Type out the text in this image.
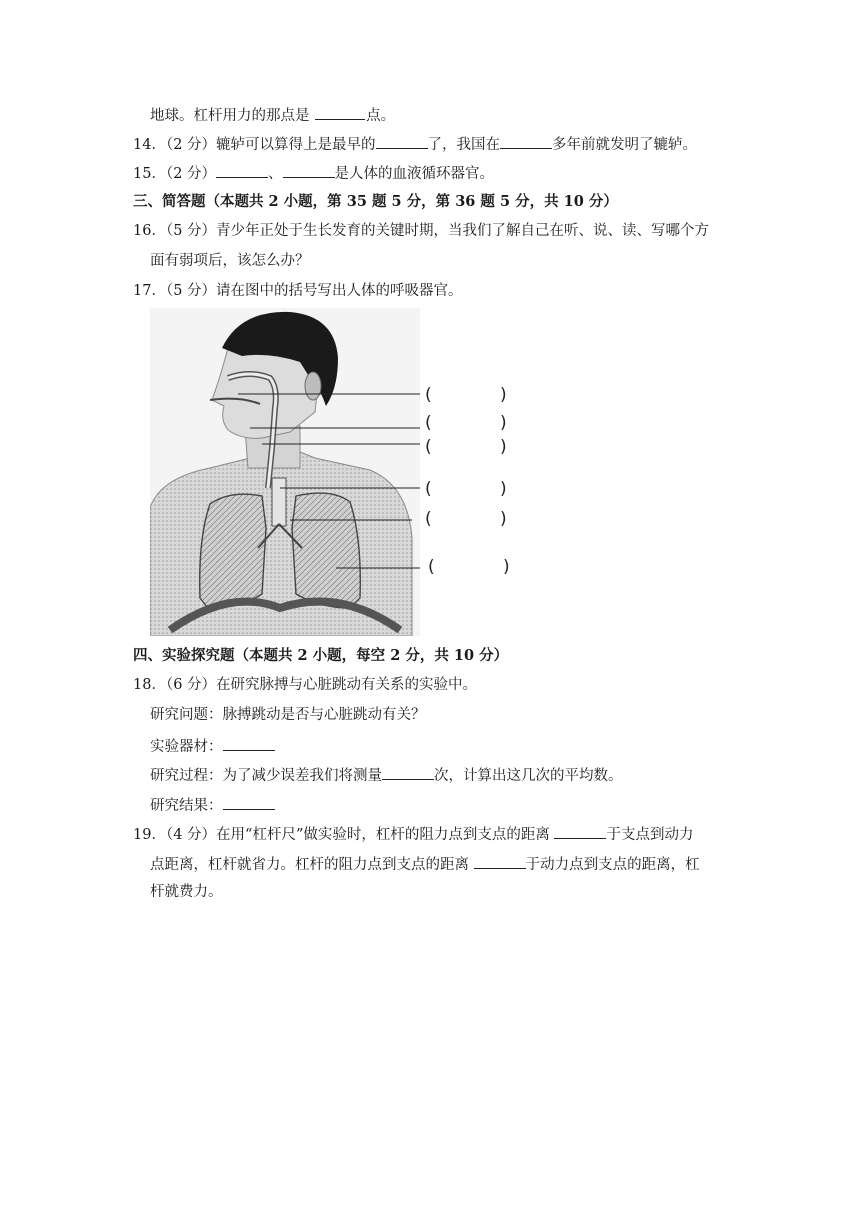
地球。杠杆用力的那点是	点。
14．（2 分）辘轳可以算得上是最早的	了，我国在	多年前就发明了辘轳。
15．（2 分）	、	是人体的血液循环器官。
三、简答题（本题共 2 小题，第 35 题 5 分，第 36 题 5 分，共 10 分）
16．（5 分）青少年正处于生长发育的关键时期，当我们了解自己在听、说、读、写哪个方
面有弱项后，该怎么办？
17．（5 分）请在图中的括号写出人体的呼吸器官。
(	)
(	)
(	)
(	)
(	)
(	)
四、实验探究题（本题共 2 小题，每空 2 分，共 10 分）
18．（6 分）在研究脉搏与心脏跳动有关系的实验中。
研究问题：脉搏跳动是否与心脏跳动有关？
实验器材：
研究过程：为了减少误差我们将测量	次，计算出这几次的平均数。
研究结果：
19．（4 分）在用“杠杆尺”做实验时，杠杆的阻力点到支点的距离	于支点到动力
点距离，杠杆就省力。杠杆的阻力点到支点的距离	于动力点到支点的距离，杠
杆就费力。
